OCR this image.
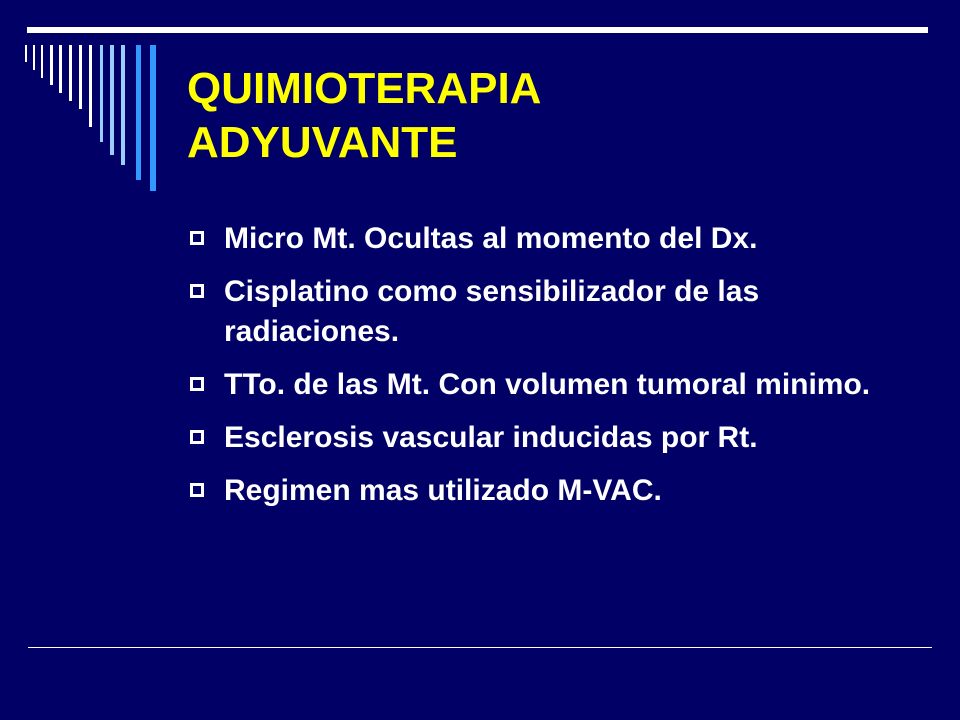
QUIMIOTERAPIA
ADYUVANTE
Micro Mt. Ocultas al momento del Dx.
Cisplatino como sensibilizador de las radiaciones.
TTo. de las Mt. Con volumen tumoral minimo.
Esclerosis vascular inducidas por Rt.
Regimen mas utilizado M-VAC.
